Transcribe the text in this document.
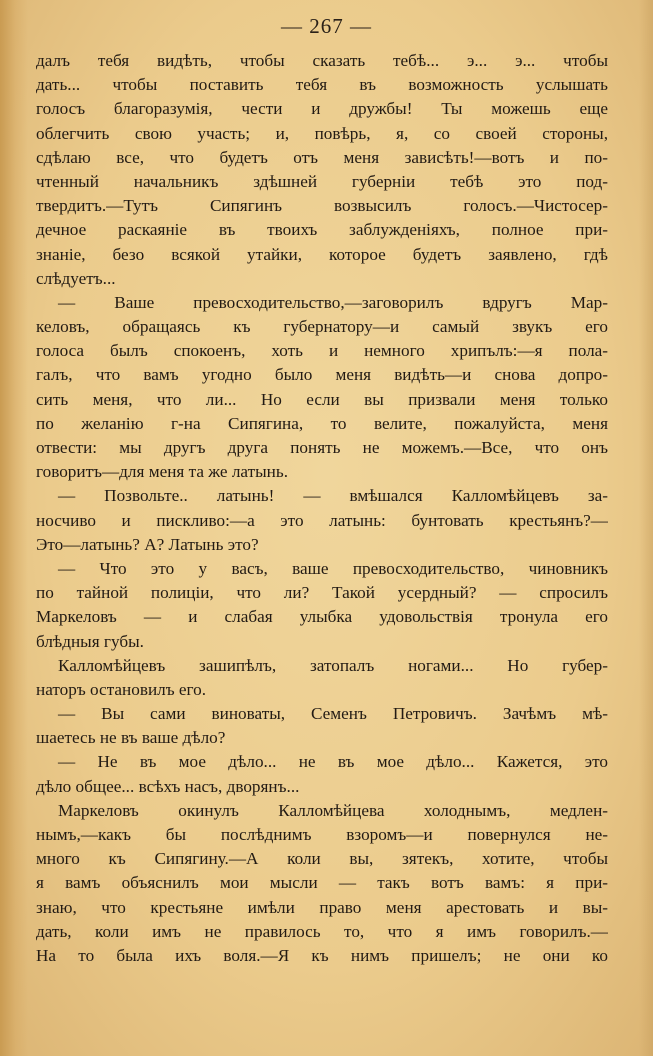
— 267 —
далъ тебя видѣть, чтобы сказать тебѣ... э... э... чтобы
дать... чтобы поставить тебя въ возможность услышать
голосъ благоразумія, чести и дружбы! Ты можешь еще
облегчить свою участь; и, повѣрь, я, со своей стороны,
сдѣлаю все, что будетъ отъ меня зависѣть!—вотъ и по-
чтенный начальникъ здѣшней губерніи тебѣ это под-
твердитъ.—Тутъ Сипягинъ возвысилъ голосъ.—Чистосер-
дечное раскаяніе въ твоихъ заблужденіяхъ, полное при-
знаніе, безо всякой утайки, которое будетъ заявлено, гдѣ
слѣдуетъ...
— Ваше превосходительство,—заговорилъ вдругъ Мар-
келовъ, обращаясь къ губернатору—и самый звукъ его
голоса былъ спокоенъ, хоть и немного хрипълъ:—я пола-
галъ, что вамъ угодно было меня видѣть—и снова допро-
сить меня, что ли... Но если вы призвали меня только
по желанію г-на Сипягина, то велите, пожалуйста, меня
отвести: мы другъ друга понять не можемъ.—Все, что онъ
говоритъ—для меня та же латынь.
— Позвольте.. латынь! — вмѣшался Калломѣйцевъ за-
носчиво и пискливо:—а это латынь: бунтовать крестьянъ?—
Это—латынь? А? Латынь это?
— Что это у васъ, ваше превосходительство, чиновникъ
по тайной полиціи, что ли? Такой усердный? — спросилъ
Маркеловъ — и слабая улыбка удовольствія тронула его
блѣдныя губы.
Калломѣйцевъ зашипѣлъ, затопалъ ногами... Но губер-
наторъ остановилъ его.
— Вы сами виноваты, Семенъ Петровичъ. Зачѣмъ мѣ-
шаетесь не въ ваше дѣло?
— Не въ мое дѣло... не въ мое дѣло... Кажется, это
дѣло общее... всѣхъ насъ, дворянъ...
Маркеловъ окинулъ Калломѣйцева холоднымъ, медлен-
нымъ,—какъ бы послѣднимъ взоромъ—и повернулся не-
много къ Сипягину.—А коли вы, зятекъ, хотите, чтобы
я вамъ объяснилъ мои мысли — такъ вотъ вамъ: я при-
знаю, что крестьяне имѣли право меня арестовать и вы-
дать, коли имъ не правилось то, что я имъ говорилъ.—
На то была ихъ воля.—Я къ нимъ пришелъ; не они ко
